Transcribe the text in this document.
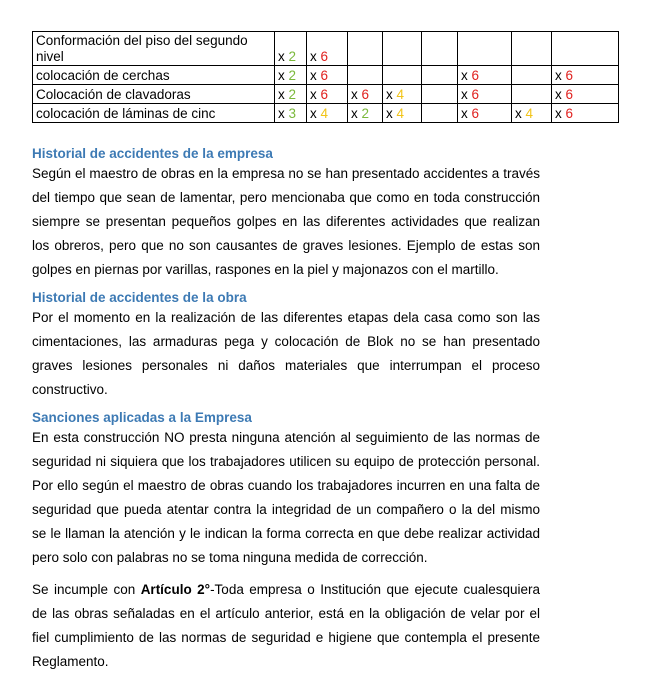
Conformación del piso del segundo nivel	x 2	x 6						
colocación de cerchas	x 2	x 6				x 6		x 6
Colocación de clavadoras	x 2	x 6	x 6	x 4		x 6		x 6
colocación de láminas de cinc	x 3	x 4	x 2	x 4		x 6	x 4	x 6
Historial de accidentes de la empresa

Según el maestro de obras en la empresa no se han presentado accidentes a través del tiempo que sean de lamentar, pero mencionaba que como en toda construcción siempre se presentan pequeños golpes en las diferentes actividades que realizan los obreros, pero que no son causantes de graves lesiones. Ejemplo de estas son golpes en piernas por varillas, raspones en la piel y majonazos con el martillo.

Historial de accidentes de la obra

Por el momento en la realización de las diferentes etapas dela casa como son las cimentaciones, las armaduras pega y colocación de Blok no se han presentado graves lesiones personales ni daños materiales que interrumpan el proceso constructivo.

Sanciones aplicadas a la Empresa

En esta construcción NO presta ninguna atención al seguimiento de las normas de seguridad ni siquiera que los trabajadores utilicen su equipo de protección personal. Por ello según el maestro de obras cuando los trabajadores incurren en una falta de seguridad que pueda atentar contra la integridad de un compañero o la del mismo se le llaman la atención y le indican la forma correcta en que debe realizar actividad pero solo con palabras no se toma ninguna medida de corrección.

Se incumple con Artículo 2°-Toda empresa o Institución que ejecute cualesquiera de las obras señaladas en el artículo anterior, está en la obligación de velar por el fiel cumplimiento de las normas de seguridad e higiene que contempla el presente Reglamento.
